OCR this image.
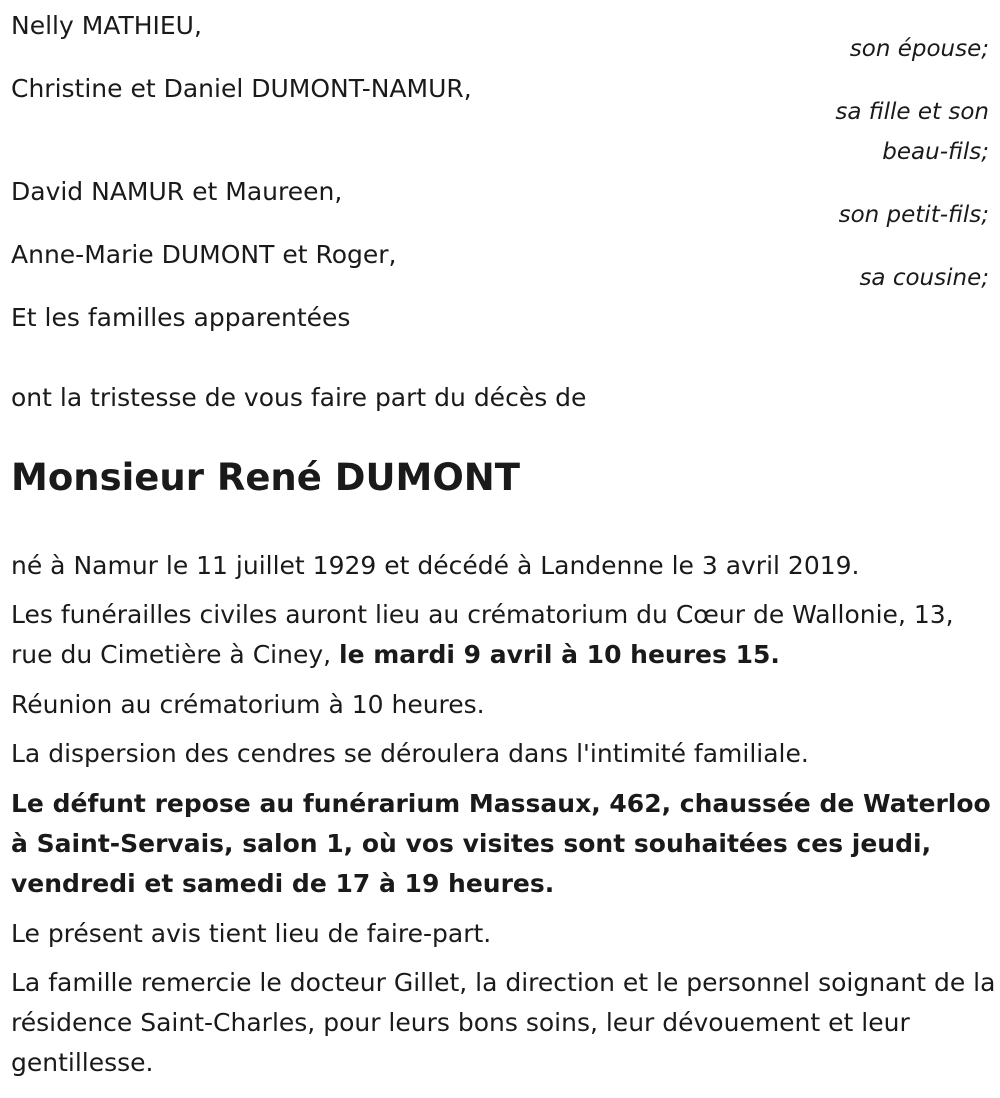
Nelly MATHIEU,
son épouse;
Christine et Daniel DUMONT-NAMUR,
sa fille et son beau-fils;
David NAMUR et Maureen,
son petit-fils;
Anne-Marie DUMONT et Roger,
sa cousine;
Et les familles apparentées
ont la tristesse de vous faire part du décès de
Monsieur René DUMONT

né à Namur le 11 juillet 1929 et décédé à Landenne le 3 avril 2019.

Les funérailles civiles auront lieu au crématorium du Cœur de Wallonie, 13, rue du Cimetière à Ciney, le mardi 9 avril à 10 heures 15.

Réunion au crématorium à 10 heures.

La dispersion des cendres se déroulera dans l'intimité familiale.

Le défunt repose au funérarium Massaux, 462, chaussée de Waterloo à Saint-Servais, salon 1, où vos visites sont souhaitées ces jeudi, vendredi et samedi de 17 à 19 heures.

Le présent avis tient lieu de faire-part.

La famille remercie le docteur Gillet, la direction et le personnel soignant de la résidence Saint-Charles, pour leurs bons soins, leur dévouement et leur gentillesse.
